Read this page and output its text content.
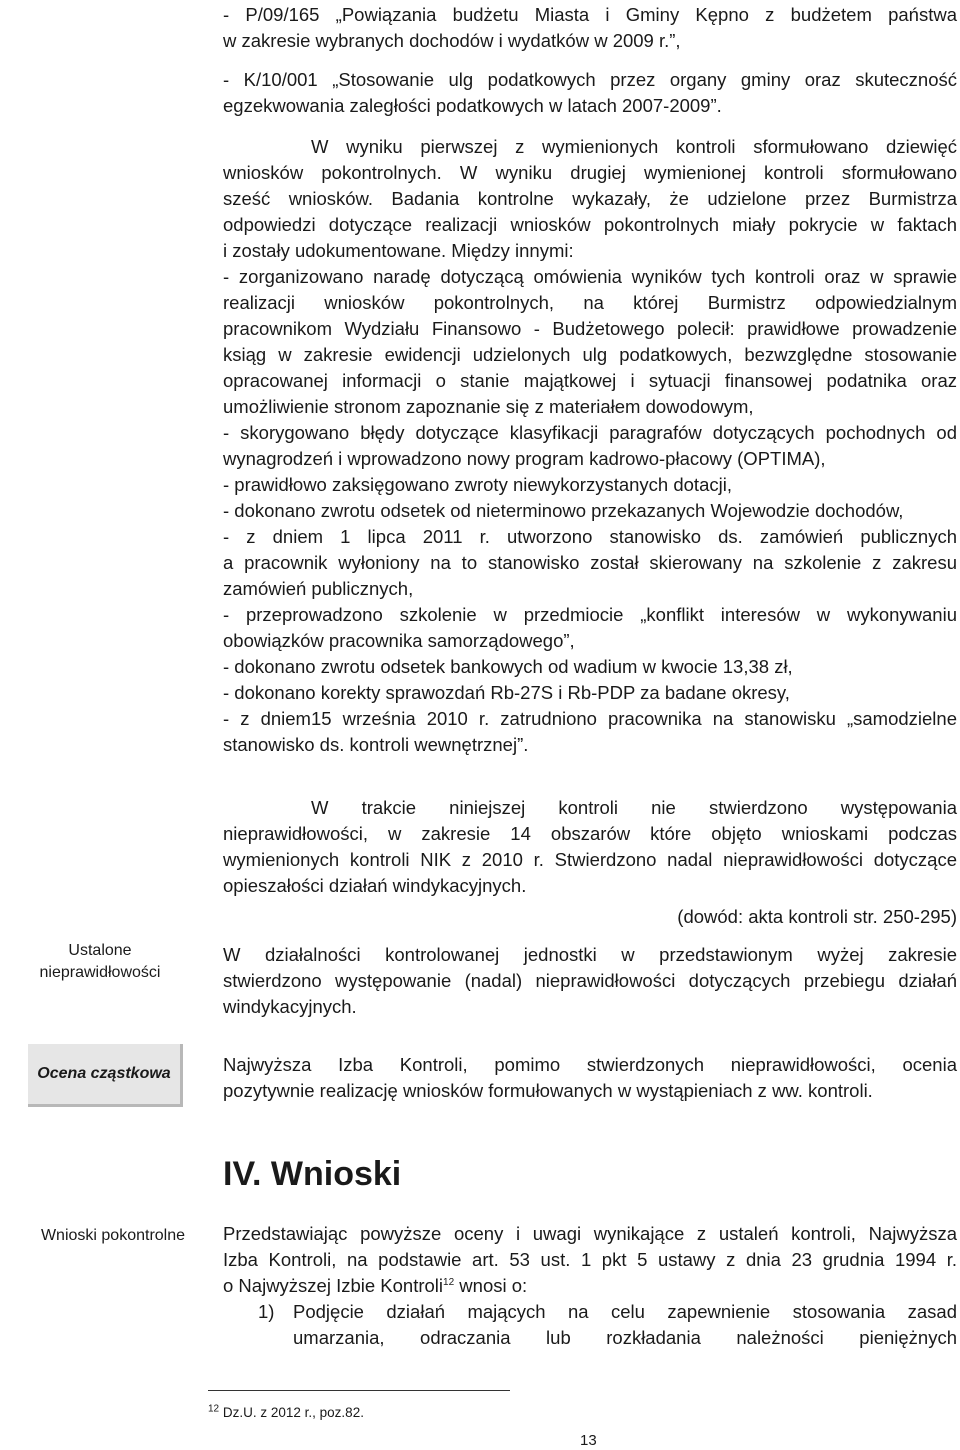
- P/09/165 „Powiązania budżetu Miasta i Gminy Kępno z budżetem państwa
w zakresie wybranych dochodów i wydatków w 2009 r.”,
- K/10/001 „Stosowanie ulg podatkowych przez organy gminy oraz skuteczność
egzekwowania zaległości podatkowych w latach 2007-2009”.
W wyniku pierwszej z wymienionych kontroli sformułowano dziewięć
wniosków pokontrolnych. W wyniku drugiej wymienionej kontroli sformułowano
sześć wniosków. Badania kontrolne wykazały, że udzielone przez Burmistrza
odpowiedzi dotyczące realizacji wniosków pokontrolnych miały pokrycie w faktach
i zostały udokumentowane. Między innymi:
- zorganizowano naradę dotyczącą omówienia wyników tych kontroli oraz w sprawie
realizacji wniosków pokontrolnych, na której Burmistrz odpowiedzialnym
pracownikom Wydziału Finansowo - Budżetowego polecił: prawidłowe prowadzenie
ksiąg w zakresie ewidencji udzielonych ulg podatkowych, bezwzględne stosowanie
opracowanej informacji o stanie majątkowej i sytuacji finansowej podatnika oraz
umożliwienie stronom zapoznanie się z materiałem dowodowym,
- skorygowano błędy dotyczące klasyfikacji paragrafów dotyczących pochodnych od
wynagrodzeń i wprowadzono nowy program kadrowo-płacowy (OPTIMA),
- prawidłowo zaksięgowano zwroty niewykorzystanych dotacji,
- dokonano zwrotu odsetek od nieterminowo przekazanych Wojewodzie dochodów,
- z dniem 1 lipca 2011 r. utworzono stanowisko ds. zamówień publicznych
a pracownik wyłoniony na to stanowisko został skierowany na szkolenie z zakresu
zamówień publicznych,
- przeprowadzono szkolenie w przedmiocie „konflikt interesów w wykonywaniu
obowiązków pracownika samorządowego”,
- dokonano zwrotu odsetek bankowych od wadium w kwocie 13,38 zł,
- dokonano korekty sprawozdań Rb-27S i Rb-PDP za badane okresy,
- z dniem15 września 2010 r. zatrudniono pracownika na stanowisku „samodzielne
stanowisko ds. kontroli wewnętrznej”.
W trakcie niniejszej kontroli nie stwierdzono występowania
nieprawidłowości, w zakresie 14 obszarów które objęto wnioskami podczas
wymienionych kontroli NIK z 2010 r. Stwierdzono nadal nieprawidłowości dotyczące
opieszałości działań windykacyjnych.
(dowód: akta kontroli str. 250-295)
W działalności kontrolowanej jednostki w przedstawionym wyżej zakresie
stwierdzono występowanie (nadal) nieprawidłowości dotyczących przebiegu działań
windykacyjnych.
Najwyższa Izba Kontroli, pomimo stwierdzonych nieprawidłowości, ocenia
pozytywnie realizację wniosków formułowanych w wystąpieniach z ww. kontroli.
IV. Wnioski
Przedstawiając powyższe oceny i uwagi wynikające z ustaleń kontroli, Najwyższa
Izba Kontroli, na podstawie art. 53 ust. 1 pkt 5 ustawy z dnia 23 grudnia 1994 r.
o Najwyższej Izbie Kontroli$^{12}$ wnosi o:
1)	Podjęcie działań mających na celu zapewnienie stosowania zasad
umarzania, odraczania lub rozkładania należności pieniężnych
Ustalone
nieprawidłowości
Ocena cząstkowa
Wnioski pokontrolne
$^{12}$ Dz.U. z 2012 r., poz.82.
13
